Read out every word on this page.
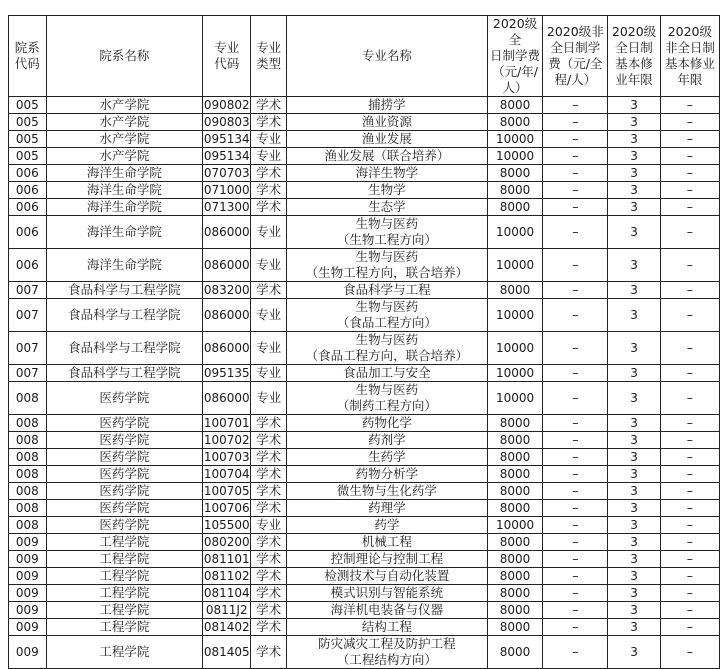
院系
代码

院系名称

专业
代码

专业
类型

专业名称

2020级全
日制学费
（元/年/
人）

2020级非
全日制学
费（元/全
程/人）

2020级
全日制
基本修
业年限

2020级
非全日制
基本修业
年限

005	水产学院	090802	学术	捕捞学	8000	–	3	–
005	水产学院	090803	学术	渔业资源	8000	–	3	–
005	水产学院	095134	专业	渔业发展	10000	–	3	–
005	水产学院	095134	专业	渔业发展（联合培养）	10000	–	3	–
006	海洋生命学院	070703	学术	海洋生物学	8000	–	3	–
006	海洋生命学院	071000	学术	生物学	8000	–	3	–
006	海洋生命学院	071300	学术	生态学	8000	–	3	–
006	海洋生命学院	086000	专业	生物与医药
（生物工程方向）	10000	–	3	–
006	海洋生命学院	086000	专业	生物与医药
（生物工程方向，联合培养）	10000	–	3	–
007	食品科学与工程学院	083200	学术	食品科学与工程	8000	–	3	–
007	食品科学与工程学院	086000	专业	生物与医药
（食品工程方向）	10000	–	3	–
007	食品科学与工程学院	086000	专业	生物与医药
（食品工程方向，联合培养）	10000	–	3	–
007	食品科学与工程学院	095135	专业	食品加工与安全	10000	–	3	–
008	医药学院	086000	专业	生物与医药
（制药工程方向）	10000	–	3	–
008	医药学院	100701	学术	药物化学	8000	–	3	–
008	医药学院	100702	学术	药剂学	8000	–	3	–
008	医药学院	100703	学术	生药学	8000	–	3	–
008	医药学院	100704	学术	药物分析学	8000	–	3	–
008	医药学院	100705	学术	微生物与生化药学	8000	–	3	–
008	医药学院	100706	学术	药理学	8000	–	3	–
008	医药学院	105500	专业	药学	10000	–	3	–
009	工程学院	080200	学术	机械工程	8000	–	3	–
009	工程学院	081101	学术	控制理论与控制工程	8000	–	3	–
009	工程学院	081102	学术	检测技术与自动化装置	8000	–	3	–
009	工程学院	081104	学术	模式识别与智能系统	8000	–	3	–
009	工程学院	0811J2	学术	海洋机电装备与仪器	8000	–	3	–
009	工程学院	081402	学术	结构工程	8000	–	3	–
009	工程学院	081405	学术	防灾减灾工程及防护工程
（工程结构方向）	8000	–	3	–
